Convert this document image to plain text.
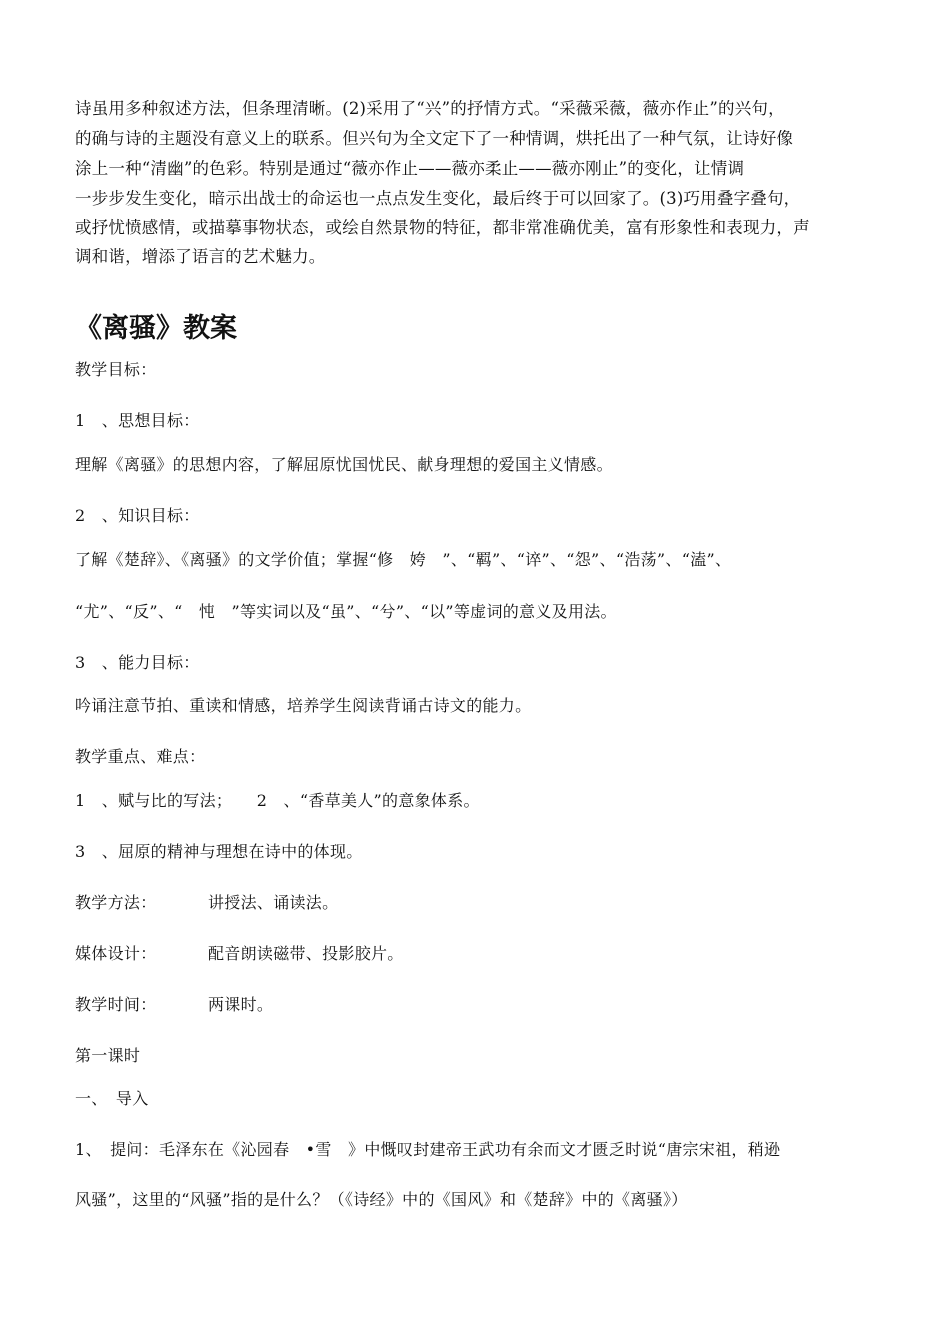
诗虽用多种叙述方法，但条理清晰。(2)采用了“兴”的抒情方式。“采薇采薇，薇亦作止”的兴句，
的确与诗的主题没有意义上的联系。但兴句为全文定下了一种情调，烘托出了一种气氛，让诗好像
涂上一种“清幽”的色彩。特别是通过“薇亦作止——薇亦柔止——薇亦刚止”的变化，让情调
一步步发生变化，暗示出战士的命运也一点点发生变化，最后终于可以回家了。(3)巧用叠字叠句，
或抒忧愤感情，或描摹事物状态，或绘自然景物的特征，都非常准确优美，富有形象性和表现力，声
调和谐，增添了语言的艺术魅力。
《离骚》教案
教学目标：
1　、思想目标：
理解《离骚》的思想内容，了解屈原忧国忧民、献身理想的爱国主义情感。
2　、知识目标：
了解《楚辞》、《离骚》的文学价值；掌握“修　姱　”、“羁”、“谇”、“怨”、“浩荡”、“溘”、
“尤”、“反”、“　忳　”等实词以及“虽”、“兮”、“以”等虚词的意义及用法。
3　、能力目标：
吟诵注意节拍、重读和情感，培养学生阅读背诵古诗文的能力。
教学重点、难点：
1　、赋与比的写法；　　2　、“香草美人”的意象体系。
3　、屈原的精神与理想在诗中的体现。
教学方法：	讲授法、诵读法。
媒体设计：	配音朗读磁带、投影胶片。
教学时间：	两课时。
第一课时
一、　导入
1、　提问：毛泽东在《沁园春　•雪　》中慨叹封建帝王武功有余而文才匮乏时说“唐宗宋祖，稍逊
风骚”，这里的“风骚”指的是什么？（《诗经》中的《国风》和《楚辞》中的《离骚》）
